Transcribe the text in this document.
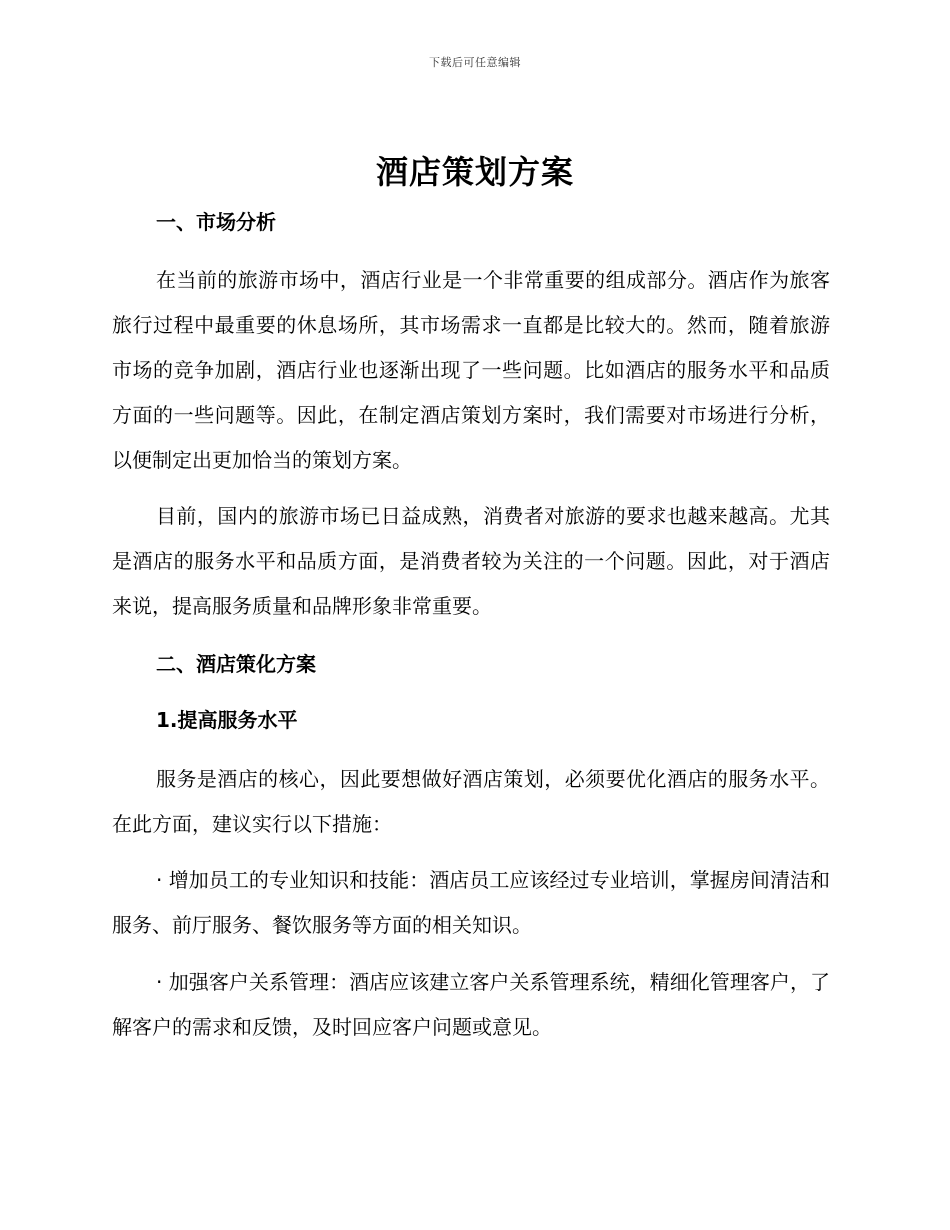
下载后可任意编辑
酒店策划方案
一、市场分析
在当前的旅游市场中，酒店行业是一个非常重要的组成部分。酒店作为旅客旅行过程中最重要的休息场所，其市场需求一直都是比较大的。然而，随着旅游市场的竞争加剧，酒店行业也逐渐出现了一些问题。比如酒店的服务水平和品质方面的一些问题等。因此，在制定酒店策划方案时，我们需要对市场进行分析，以便制定出更加恰当的策划方案。
目前，国内的旅游市场已日益成熟，消费者对旅游的要求也越来越高。尤其是酒店的服务水平和品质方面，是消费者较为关注的一个问题。因此，对于酒店来说，提高服务质量和品牌形象非常重要。
二、酒店策化方案
1.提高服务水平
服务是酒店的核心，因此要想做好酒店策划，必须要优化酒店的服务水平。在此方面，建议实行以下措施：
· 增加员工的专业知识和技能：酒店员工应该经过专业培训，掌握房间清洁和服务、前厅服务、餐饮服务等方面的相关知识。
· 加强客户关系管理：酒店应该建立客户关系管理系统，精细化管理客户，了解客户的需求和反馈，及时回应客户问题或意见。
